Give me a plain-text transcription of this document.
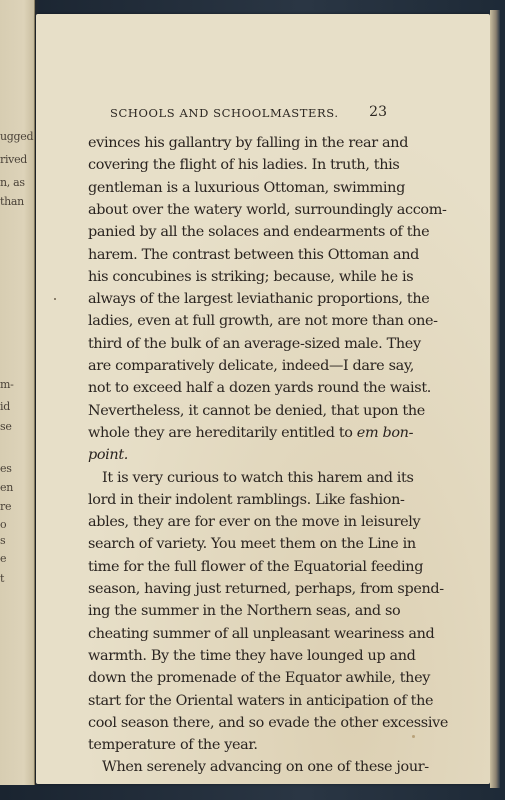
ugged
rived
n, as
than
m-
id
se
es
en
re
o
s
e
t
SCHOOLS AND SCHOOLMASTERS.	23
evinces his gallantry by falling in the rear and
covering the flight of his ladies. In truth, this
gentleman is a luxurious Ottoman, swimming
about over the watery world, surroundingly accom-
panied by all the solaces and endearments of the
harem. The contrast between this Ottoman and
his concubines is striking; because, while he is
always of the largest leviathanic proportions, the
ladies, even at full growth, are not more than one-
third of the bulk of an average-sized male. They
are comparatively delicate, indeed—I dare say,
not to exceed half a dozen yards round the waist.
Nevertheless, it cannot be denied, that upon the
whole they are hereditarily entitled to em bon-
point.
It is very curious to watch this harem and its
lord in their indolent ramblings. Like fashion-
ables, they are for ever on the move in leisurely
search of variety. You meet them on the Line in
time for the full flower of the Equatorial feeding
season, having just returned, perhaps, from spend-
ing the summer in the Northern seas, and so
cheating summer of all unpleasant weariness and
warmth. By the time they have lounged up and
down the promenade of the Equator awhile, they
start for the Oriental waters in anticipation of the
cool season there, and so evade the other excessive
temperature of the year.
When serenely advancing on one of these jour-
